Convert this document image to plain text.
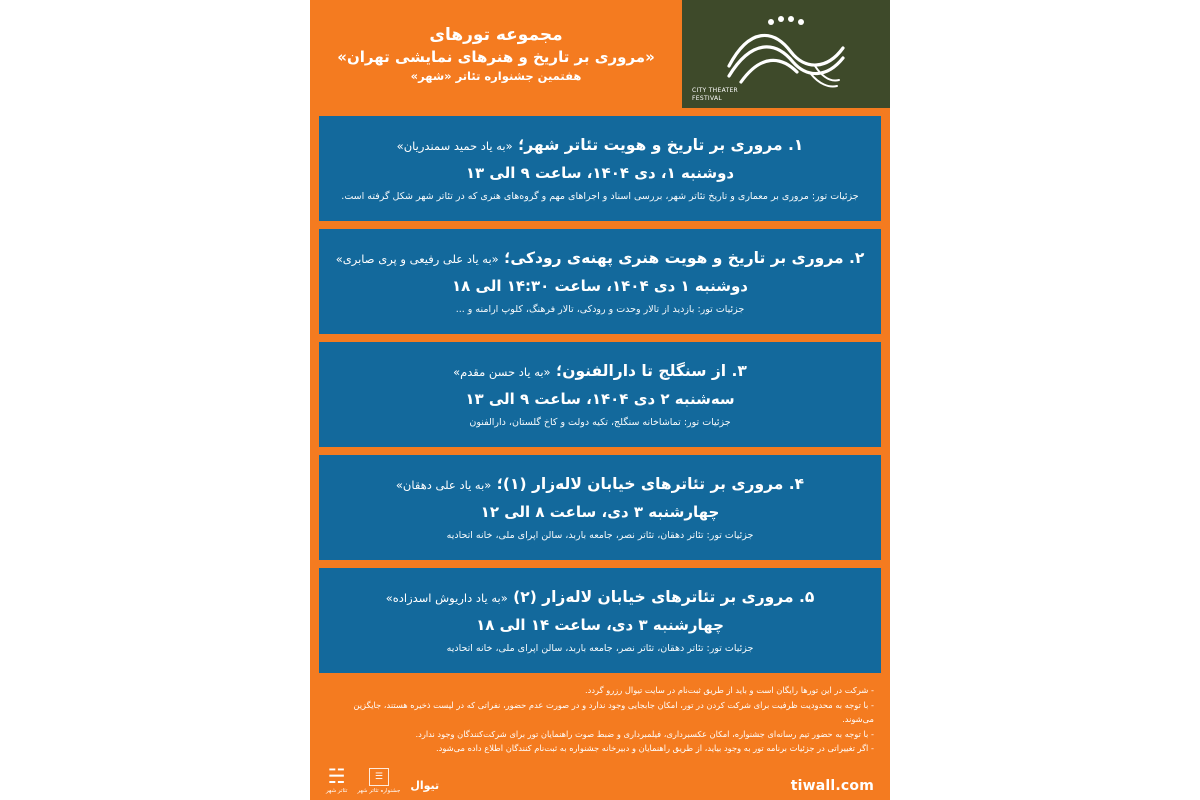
CITY THEATER
FESTIVAL
مجموعه تورهای
«مروری بر تاریخ و هنرهای نمایشی تهران»
هفتمین جشنواره تئاتر «شهر»
۱. مروری بر تاریخ و هویت تئاتر شهر؛ «به یاد حمید سمندریان»
دوشنبه ۱، دی ۱۴۰۴، ساعت ۹ الی ۱۳
جزئیات تور: مروری بر معماری و تاریخ تئاتر شهر، بررسی اسناد و اجراهای مهم و گروه‌های هنری که در تئاتر شهر شکل گرفته است.
۲. مروری بر تاریخ و هویت هنری پهنه‌ی رودکی؛ «به یاد علی رفیعی و پری صابری»
دوشنبه ۱ دی ۱۴۰۴، ساعت ۱۴:۳۰ الی ۱۸
جزئیات تور: بازدید از تالار وحدت و رودکی، تالار فرهنگ، کلوپ ارامنه و ...
۳. از سنگلج تا دارالفنون؛ «به یاد حسن مقدم»
سه‌شنبه ۲ دی ۱۴۰۴، ساعت ۹ الی ۱۳
جزئیات تور: تماشاخانه سنگلج، تکیه دولت و کاخ گلستان، دارالفنون
۴. مروری بر تئاترهای خیابان لاله‌زار (۱)؛ «به یاد علی دهقان»
چهارشنبه ۳ دی، ساعت ۸ الی ۱۲
جزئیات تور: تئاتر دهقان، تئاتر نصر، جامعه باربد، سالن اپرای ملی، خانه اتحادیه
۵. مروری بر تئاترهای خیابان لاله‌زار (۲) «به یاد داریوش اسدزاده»
چهارشنبه ۳ دی، ساعت ۱۴ الی ۱۸
جزئیات تور: تئاتر دهقان، تئاتر نصر، جامعه باربد، سالن اپرای ملی، خانه اتحادیه
- شرکت در این تورها رایگان است و باید از طریق ثبت‌نام در سایت تیوال رزرو گردد.
- با توجه به محدودیت ظرفیت برای شرکت کردن در تور، امکان جابجایی وجود ندارد و در صورت عدم حضور، نفراتی که در لیست ذخیره هستند، جایگزین می‌شوند.
- با توجه به حضور تیم رسانه‌ای جشنواره، امکان عکسبرداری، فیلمبرداری و ضبط صوت راهنمایان تور برای شرکت‌کنندگان وجود ندارد.
- اگر تغییراتی در جزئیات برنامه تور به وجود بیاید، از طریق راهنمایان و دبیرخانه جشنواره به ثبت‌نام کنندگان اطلاع داده می‌شود.
tiwall.com
تیوال
☰
جشنواره تئاتر شهر
☵
تئاتر شهر
